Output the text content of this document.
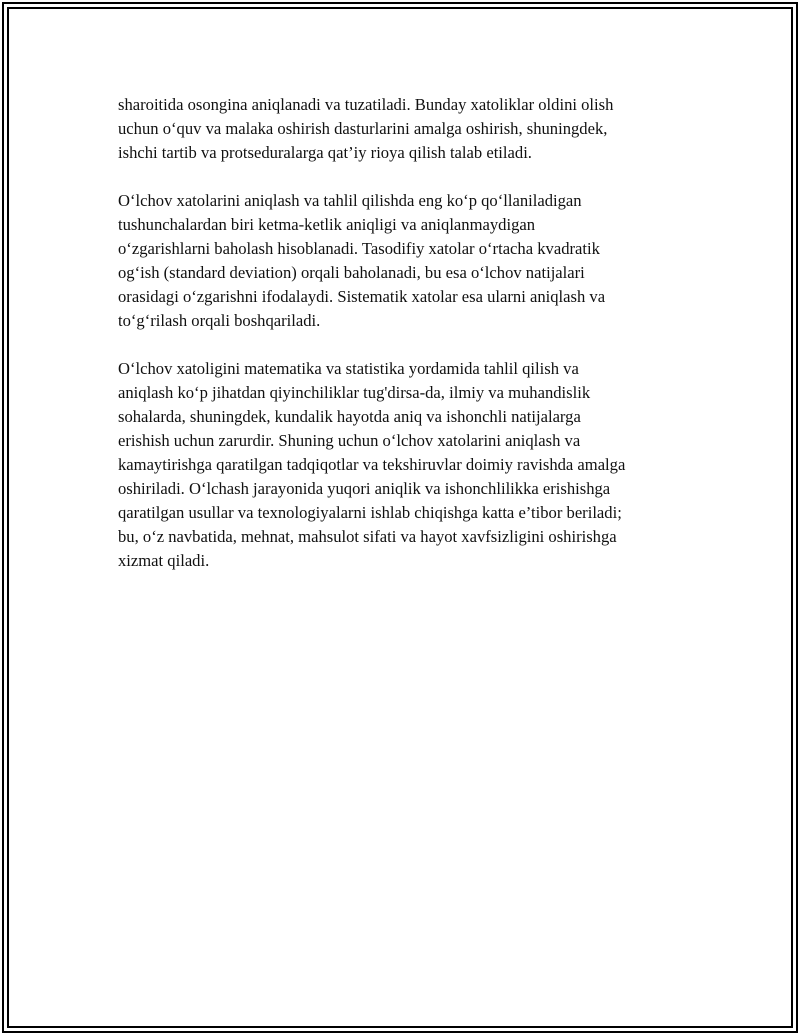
sharoitida osongina aniqlanadi va tuzatiladi. Bunday xatoliklar oldini olish
uchun o‘quv va malaka oshirish dasturlarini amalga oshirish, shuningdek,
ishchi tartib va protseduralarga qat’iy rioya qilish talab etiladi.

O‘lchov xatolarini aniqlash va tahlil qilishda eng ko‘p qo‘llaniladigan
tushunchalardan biri ketma-ketlik aniqligi va aniqlanmaydigan
o‘zgarishlarni baholash hisoblanadi. Tasodifiy xatolar o‘rtacha kvadratik
og‘ish (standard deviation) orqali baholanadi, bu esa o‘lchov natijalari
orasidagi o‘zgarishni ifodalaydi. Sistematik xatolar esa ularni aniqlash va
to‘g‘rilash orqali boshqariladi.

O‘lchov xatoligini matematika va statistika yordamida tahlil qilish va
aniqlash ko‘p jihatdan qiyinchiliklar tug'dirsa-da, ilmiy va muhandislik
sohalarda, shuningdek, kundalik hayotda aniq va ishonchli natijalarga
erishish uchun zarurdir. Shuning uchun o‘lchov xatolarini aniqlash va
kamaytirishga qaratilgan tadqiqotlar va tekshiruvlar doimiy ravishda amalga
oshiriladi. O‘lchash jarayonida yuqori aniqlik va ishonchlilikka erishishga
qaratilgan usullar va texnologiyalarni ishlab chiqishga katta e’tibor beriladi;
bu, o‘z navbatida, mehnat, mahsulot sifati va hayot xavfsizligini oshirishga
xizmat qiladi.
